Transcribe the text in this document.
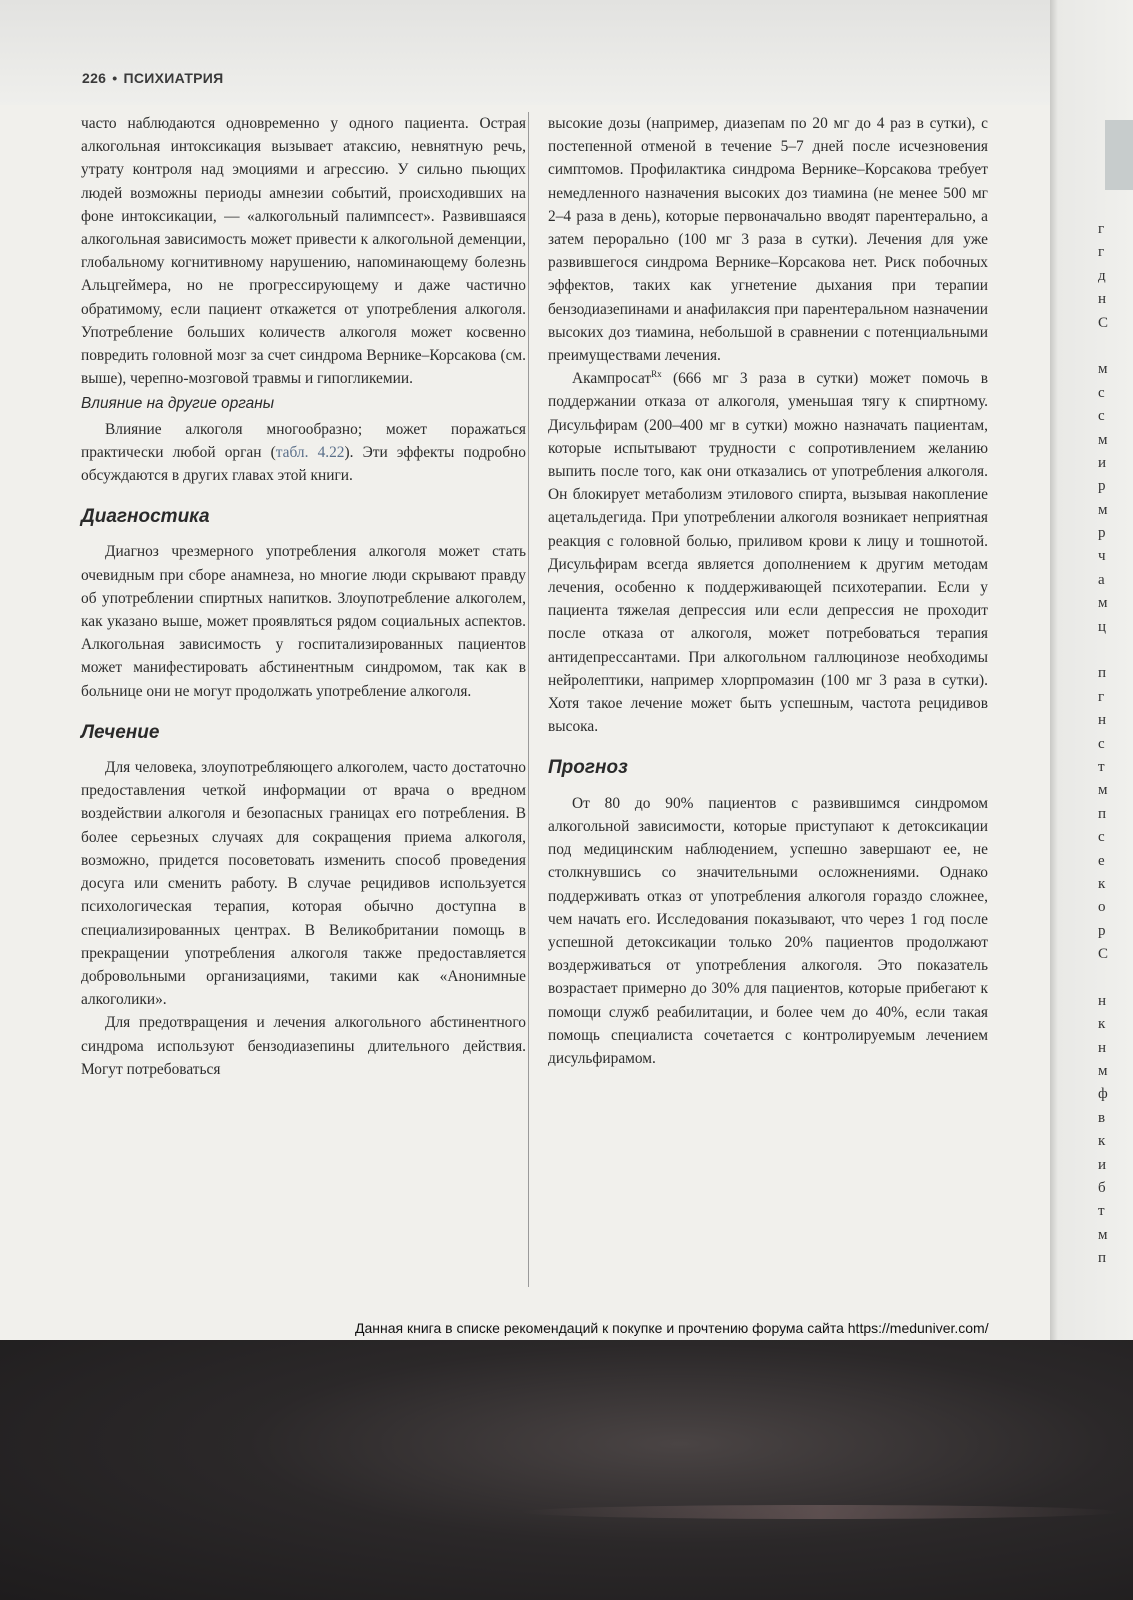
226 • ПСИХИАТРИЯ

часто наблюдаются одновременно у одного пациента. Острая алкогольная интоксикация вызывает атаксию, невнятную речь, утрату контроля над эмоциями и агрессию. У сильно пьющих людей возможны периоды амнезии событий, происходивших на фоне интоксикации, — «алкогольный палимпсест». Развившаяся алкогольная зависимость может привести к алкогольной деменции, глобальному когнитивному нарушению, напоминающему болезнь Альцгеймера, но не прогрессирующему и даже частично обратимому, если пациент откажется от употребления алкоголя. Употребление больших количеств алкоголя может косвенно повредить головной мозг за счет синдрома Вернике–Корсакова (см. выше), черепно-мозговой травмы и гипогликемии.

Влияние на другие органы

Влияние алкоголя многообразно; может поражаться практически любой орган (табл. 4.22). Эти эффекты подробно обсуждаются в других главах этой книги.

Диагностика

Диагноз чрезмерного употребления алкоголя может стать очевидным при сборе анамнеза, но многие люди скрывают правду об употреблении спиртных напитков. Злоупотребление алкоголем, как указано выше, может проявляться рядом социальных аспектов. Алкогольная зависимость у госпитализированных пациентов может манифестировать абстинентным синдромом, так как в больнице они не могут продолжать употребление алкоголя.

Лечение

Для человека, злоупотребляющего алкоголем, часто достаточно предоставления четкой информации от врача о вредном воздействии алкоголя и безопасных границах его потребления. В более серьезных случаях для сокращения приема алкоголя, возможно, придется посоветовать изменить способ проведения досуга или сменить работу. В случае рецидивов используется психологическая терапия, которая обычно доступна в специализированных центрах. В Великобритании помощь в прекращении употребления алкоголя также предоставляется добровольными организациями, такими как «Анонимные алкоголики».

Для предотвращения и лечения алкогольного абстинентного синдрома используют бензодиазепины длительного действия. Могут потребоваться

высокие дозы (например, диазепам по 20 мг до 4 раз в сутки), с постепенной отменой в течение 5–7 дней после исчезновения симптомов. Профилактика синдрома Вернике–Корсакова требует немедленного назначения высоких доз тиамина (не менее 500 мг 2–4 раза в день), которые первоначально вводят парентерально, а затем перорально (100 мг 3 раза в сутки). Лечения для уже развившегося синдрома Вернике–Корсакова нет. Риск побочных эффектов, таких как угнетение дыхания при терапии бензодиазепинами и анафилаксия при парентеральном назначении высоких доз тиамина, небольшой в сравнении с потенциальными преимуществами лечения.

Акампросат$^{Rx}$ (666 мг 3 раза в сутки) может помочь в поддержании отказа от алкоголя, уменьшая тягу к спиртному. Дисульфирам (200–400 мг в сутки) можно назначать пациентам, которые испытывают трудности с сопротивлением желанию выпить после того, как они отказались от употребления алкоголя. Он блокирует метаболизм этилового спирта, вызывая накопление ацетальдегида. При употреблении алкоголя возникает неприятная реакция с головной болью, приливом крови к лицу и тошнотой. Дисульфирам всегда является дополнением к другим методам лечения, особенно к поддерживающей психотерапии. Если у пациента тяжелая депрессия или если депрессия не проходит после отказа от алкоголя, может потребоваться терапия антидепрессантами. При алкогольном галлюцинозе необходимы нейролептики, например хлорпромазин (100 мг 3 раза в сутки). Хотя такое лечение может быть успешным, частота рецидивов высока.

Прогноз

От 80 до 90% пациентов с развившимся синдромом алкогольной зависимости, которые приступают к детоксикации под медицинским наблюдением, успешно завершают ее, не столкнувшись со значительными осложнениями. Однако поддерживать отказ от употребления алкоголя гораздо сложнее, чем начать его. Исследования показывают, что через 1 год после успешной детоксикации только 20% пациентов продолжают воздерживаться от употребления алкоголя. Это показатель возрастает примерно до 30% для пациентов, которые прибегают к помощи служб реабилитации, и более чем до 40%, если такая помощь специалиста сочетается с контролируемым лечением дисульфирамом.

г
г
д
н
С
м
с
с
м
и
р
м
р
ч
а
м
ц
п
г
н
с
т
м
п
с
е
к
о
р
С
н
к
н
м
ф
в
к
и
б
т
м
п
Данная книга в списке рекомендаций к покупке и прочтению форума сайта https://meduniver.com/
